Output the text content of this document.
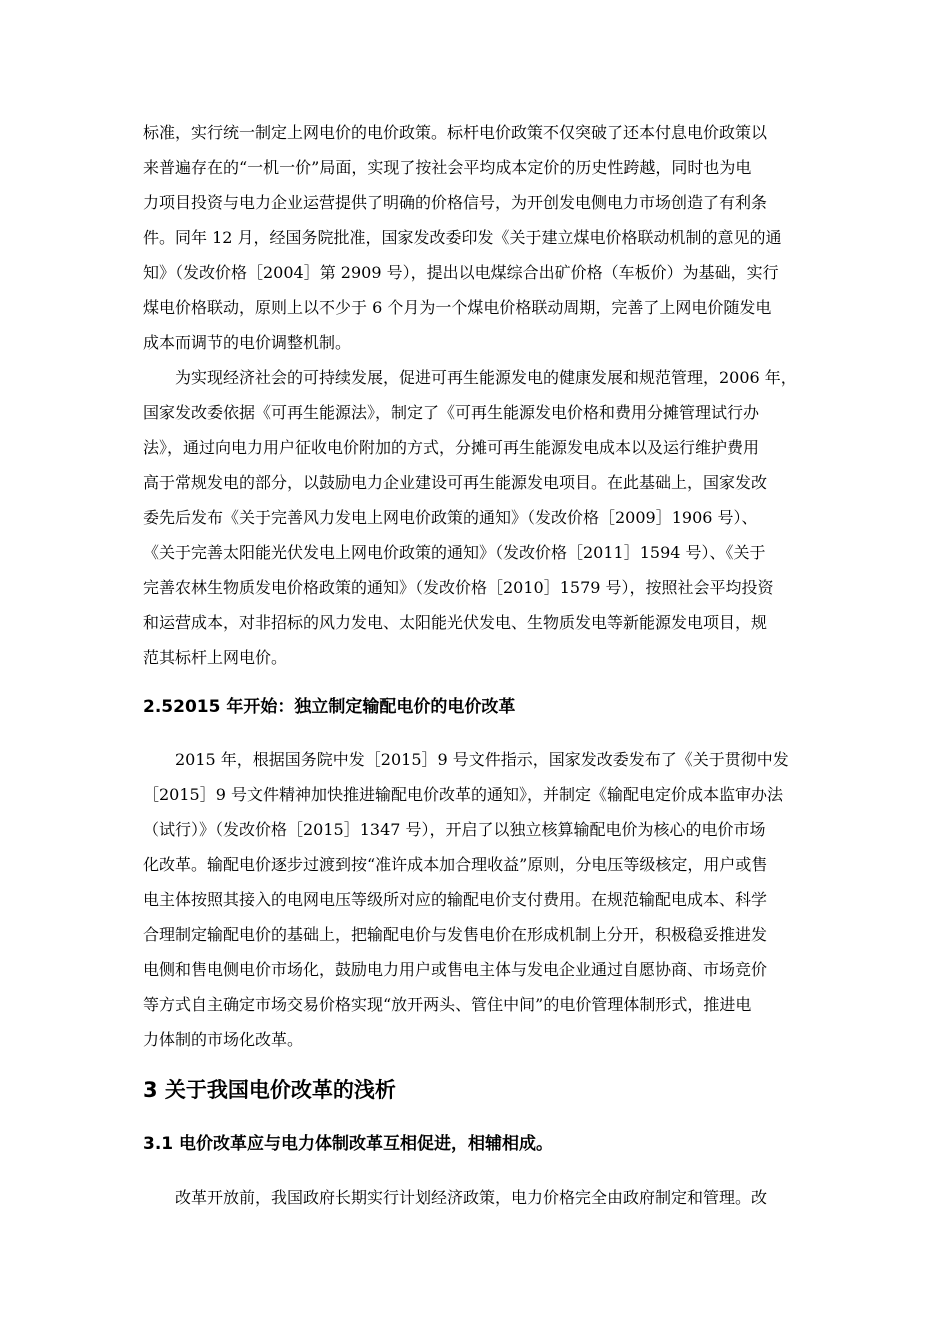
标准，实行统一制定上网电价的电价政策。标杆电价政策不仅突破了还本付息电价政策以
来普遍存在的“一机一价”局面，实现了按社会平均成本定价的历史性跨越，同时也为电
力项目投资与电力企业运营提供了明确的价格信号，为开创发电侧电力市场创造了有利条
件。同年 12 月，经国务院批准，国家发改委印发《关于建立煤电价格联动机制的意见的通
知》（发改价格［2004］第 2909 号），提出以电煤综合出矿价格（车板价）为基础，实行
煤电价格联动，原则上以不少于 6 个月为一个煤电价格联动周期，完善了上网电价随发电
成本而调节的电价调整机制。
为实现经济社会的可持续发展，促进可再生能源发电的健康发展和规范管理，2006 年，
国家发改委依据《可再生能源法》，制定了《可再生能源发电价格和费用分摊管理试行办
法》，通过向电力用户征收电价附加的方式，分摊可再生能源发电成本以及运行维护费用
高于常规发电的部分，以鼓励电力企业建设可再生能源发电项目。在此基础上，国家发改
委先后发布《关于完善风力发电上网电价政策的通知》（发改价格［2009］1906 号）、
《关于完善太阳能光伏发电上网电价政策的通知》（发改价格［2011］1594 号）、《关于
完善农林生物质发电价格政策的通知》（发改价格［2010］1579 号），按照社会平均投资
和运营成本，对非招标的风力发电、太阳能光伏发电、生物质发电等新能源发电项目，规
范其标杆上网电价。
2.52015 年开始：独立制定输配电价的电价改革
2015 年，根据国务院中发［2015］9 号文件指示，国家发改委发布了《关于贯彻中发
［2015］9 号文件精神加快推进输配电价改革的通知》，并制定《输配电定价成本监审办法
（试行）》（发改价格［2015］1347 号），开启了以独立核算输配电价为核心的电价市场
化改革。输配电价逐步过渡到按“准许成本加合理收益”原则，分电压等级核定，用户或售
电主体按照其接入的电网电压等级所对应的输配电价支付费用。在规范输配电成本、科学
合理制定输配电价的基础上，把输配电价与发售电价在形成机制上分开，积极稳妥推进发
电侧和售电侧电价市场化，鼓励电力用户或售电主体与发电企业通过自愿协商、市场竞价
等方式自主确定市场交易价格实现“放开两头、管住中间”的电价管理体制形式，推进电
力体制的市场化改革。
3 关于我国电价改革的浅析
3.1 电价改革应与电力体制改革互相促进，相辅相成。
改革开放前，我国政府长期实行计划经济政策，电力价格完全由政府制定和管理。改
